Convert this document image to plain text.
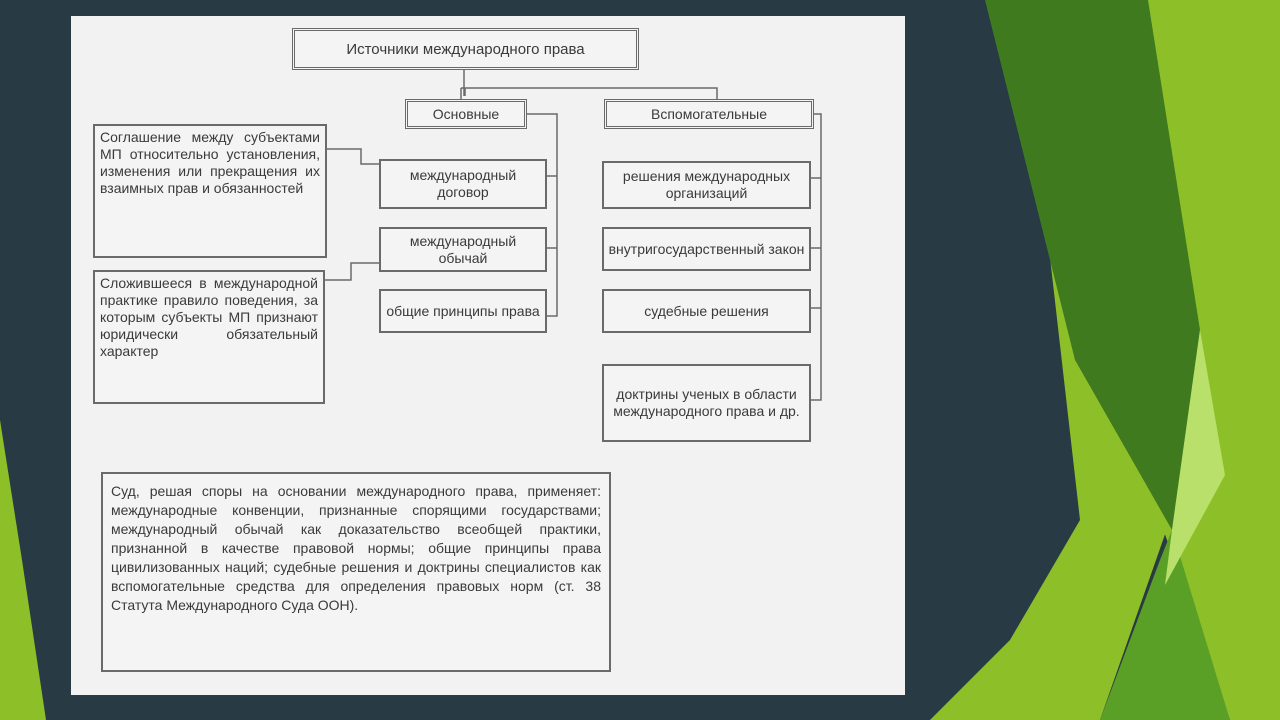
Источники международного права
Основные	Вспомогательные
международный договор
международный обычай
общие принципы права
решения международных организаций
внутригосударственный закон
судебные решения
доктрины ученых в области международного права и др.
Соглашение между субъектами МП относительно установления, изменения или прекращения их взаимных прав и обязанностей
Сложившееся в международной практике правило поведения, за которым субъекты МП признают юридически обязательный характер
Суд, решая споры на основании международного права, применяет: международные конвенции, признанные спорящими государствами; международный обычай как доказательство всеобщей практики, признанной в качестве правовой нормы; общие принципы права цивилизованных наций; судебные решения и доктрины специалистов как вспомогательные средства для определения правовых норм (ст. 38 Статута Международного Суда ООН).
